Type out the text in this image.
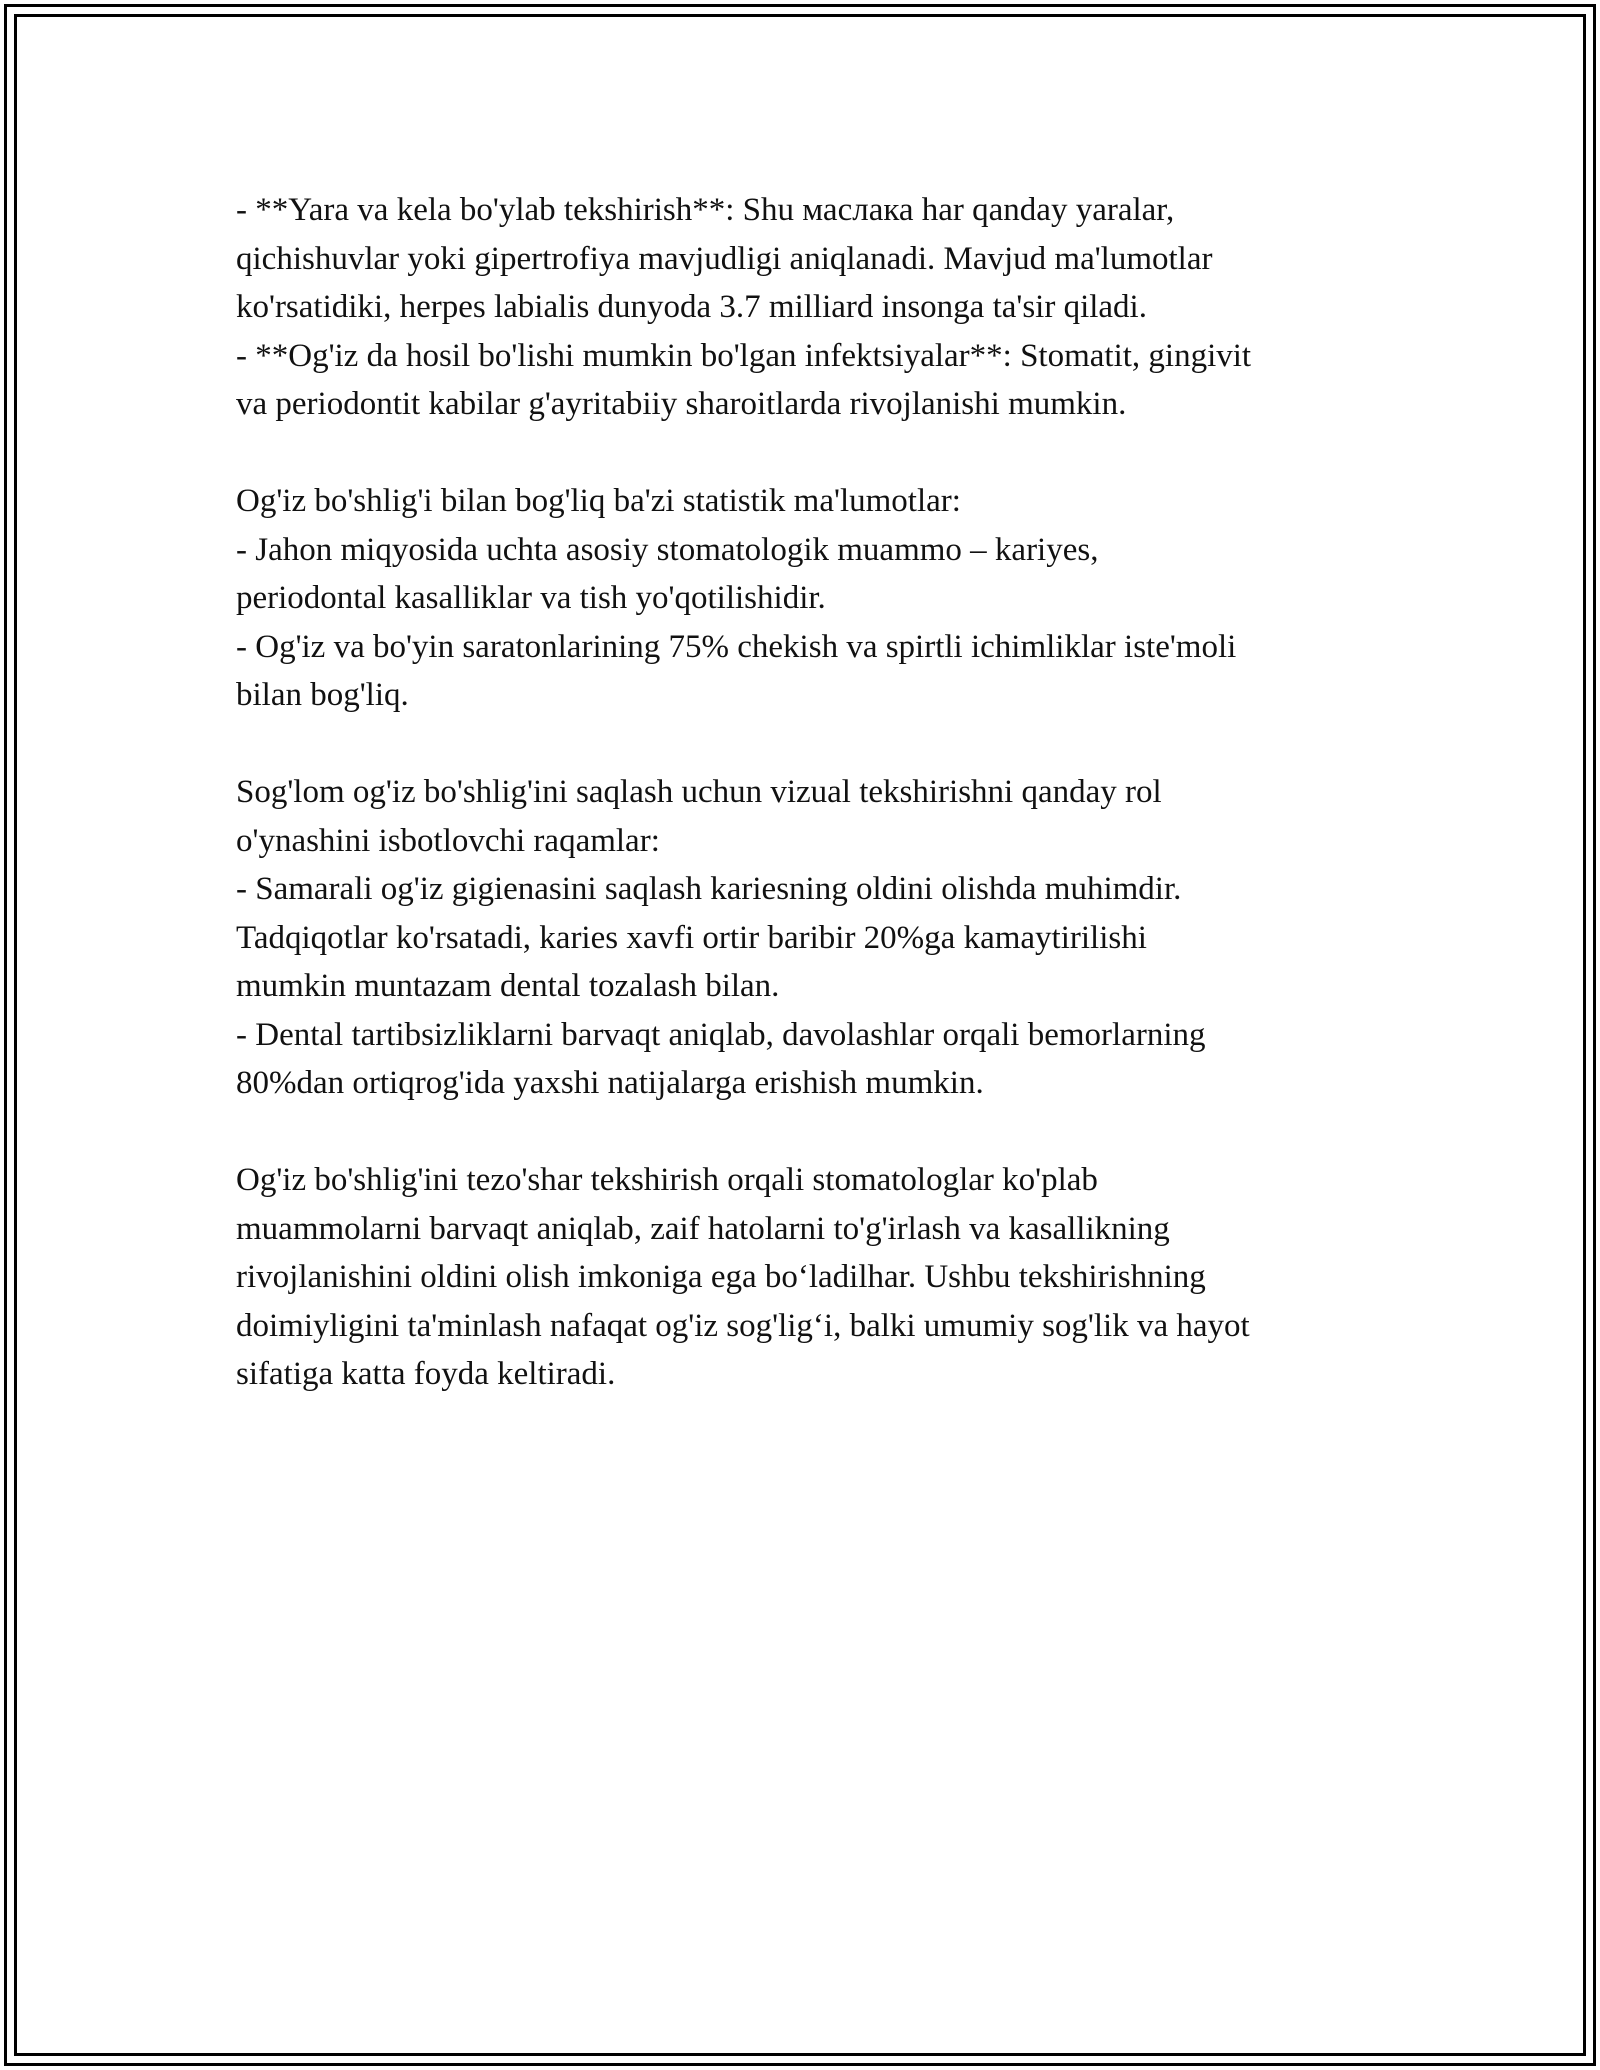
- **Yara va kela bo'ylab tekshirish**: Shu маслака har qanday yaralar,
qichishuvlar yoki gipertrofiya mavjudligi aniqlanadi. Mavjud ma'lumotlar
ko'rsatidiki, herpes labialis dunyoda 3.7 milliard insonga ta'sir qiladi.
- **Og'iz da hosil bo'lishi mumkin bo'lgan infektsiyalar**: Stomatit, gingivit
va periodontit kabilar g'ayritabiiy sharoitlarda rivojlanishi mumkin.
Og'iz bo'shlig'i bilan bog'liq ba'zi statistik ma'lumotlar:
- Jahon miqyosida uchta asosiy stomatologik muammo – kariyes,
periodontal kasalliklar va tish yo'qotilishidir.
- Og'iz va bo'yin saratonlarining 75% chekish va spirtli ichimliklar iste'moli
bilan bog'liq.
Sog'lom og'iz bo'shlig'ini saqlash uchun vizual tekshirishni qanday rol
o'ynashini isbotlovchi raqamlar:
- Samarali og'iz gigienasini saqlash kariesning oldini olishda muhimdir.
Tadqiqotlar ko'rsatadi, karies xavfi ortir baribir 20%ga kamaytirilishi
mumkin muntazam dental tozalash bilan.
- Dental tartibsizliklarni barvaqt aniqlab, davolashlar orqali bemorlarning
80%dan ortiqrog'ida yaxshi natijalarga erishish mumkin.
Og'iz bo'shlig'ini tezo'shar tekshirish orqali stomatologlar ko'plab
muammolarni barvaqt aniqlab, zaif hatolarni to'g'irlash va kasallikning
rivojlanishini oldini olish imkoniga ega bo‘ladilhar. Ushbu tekshirishning
doimiyligini ta'minlash nafaqat og'iz sog'lig‘i, balki umumiy sog'lik va hayot
sifatiga katta foyda keltiradi.
